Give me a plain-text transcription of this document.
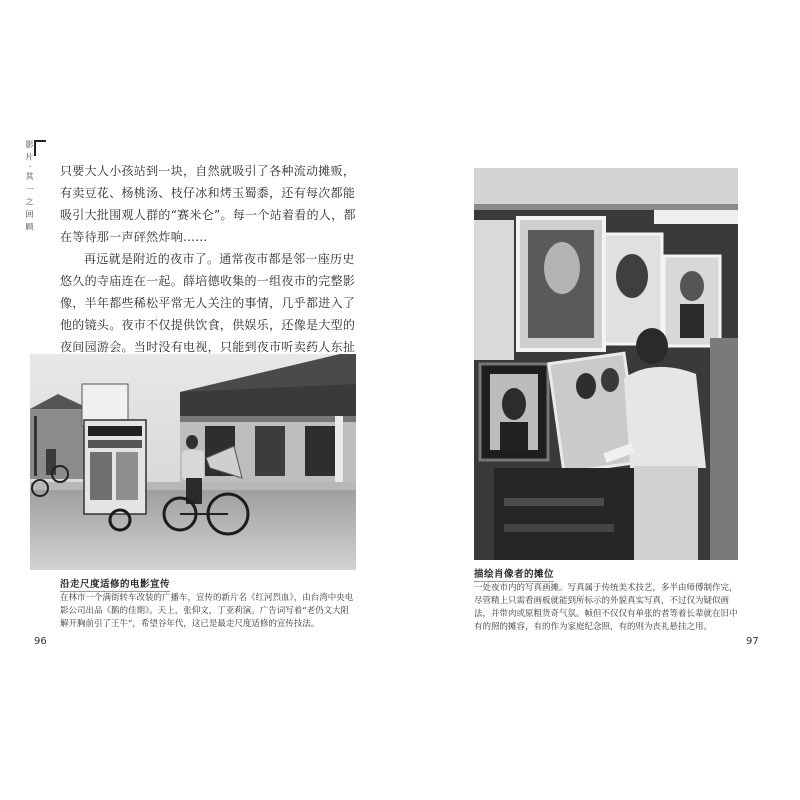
影 片 · 其 一 之 回 顾	只要大人小孩站到一块，自然就吸引了各种流动摊贩，有卖豆花、杨桃汤、枝仔冰和烤玉蜀黍，还有每次都能吸引大批围观人群的“赛米仑”。每一个站着看的人，都在等待那一声砰然炸响……

再远就是附近的夜市了。通常夜市都是邻一座历史悠久的寺庙连在一起。薛培德收集的一组夜市的完整影像，半年都些稀松平常无人关注的事情，几乎都进入了他的镜头。夜市不仅提供饮食，供娱乐，还像是大型的夜间园游会。当时没有电视，只能到夜市听卖药人东扯

沿走尺度适修的电影宣传
在林市一个满街转车改装的广播车，宣传的新片名《红河烈血》，由台湾中央电影公司出品《鹅的佳期》。天上，张仰文，丁亚莉演。广告词写着“老仍文大阻解开胸前引了王牛”，希望谷年代，这已是最走尺度适修的宣传技法。
96
描绘肖像者的摊位
一处夜市内的写真画摊。写真属于传统美术技艺，多半由师傅制作完，尽管精上只需看画板就能到所标示的外貌真实写真，不过仅为疑似画法，并带肉或原粗货奇气氛。帧但不仅仅有单张的者等着长辈就在旧中有的照的摊容，有的作为家庭纪念照，有的则为丧礼悬挂之用。
97
